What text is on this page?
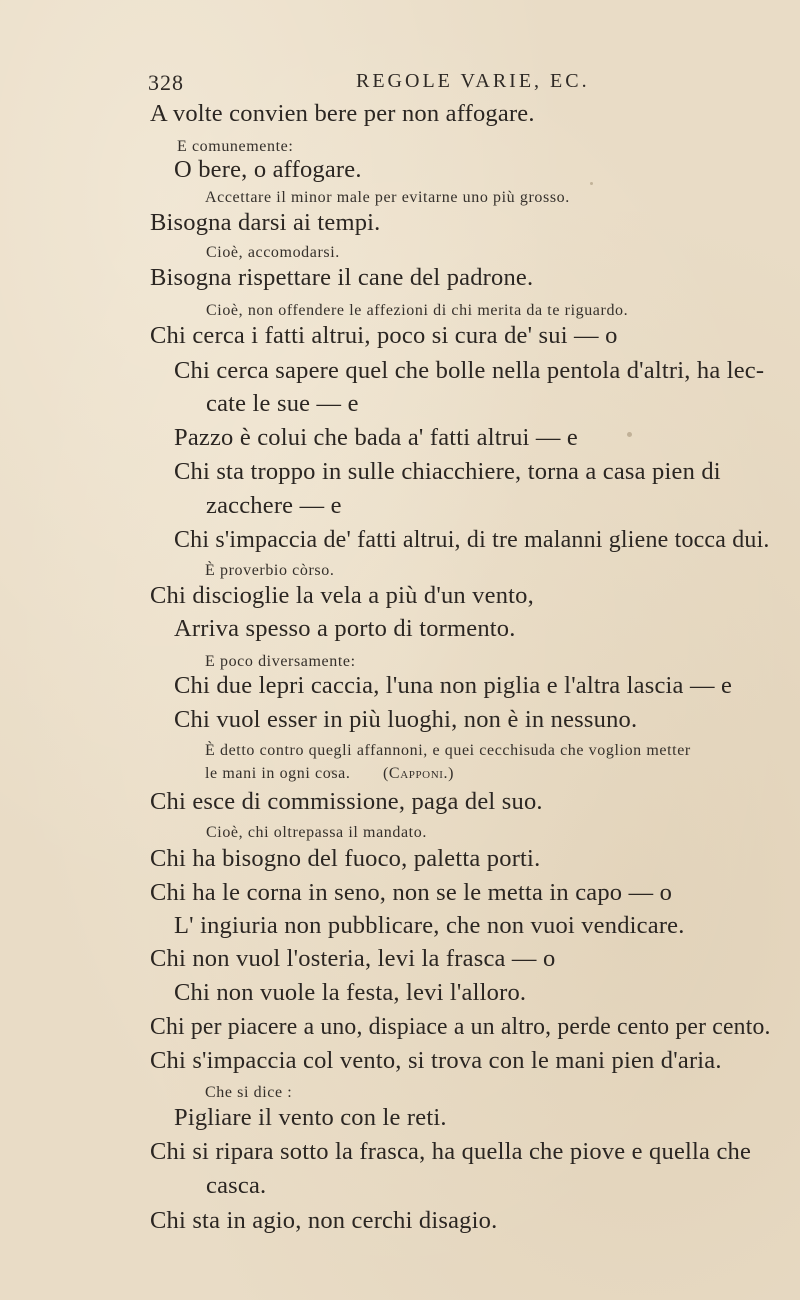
328	REGOLE VARIE, EC.
A volte convien bere per non affogare.
E comunemente:
O bere, o affogare.
Accettare il minor male per evitarne uno più grosso.
Bisogna darsi ai tempi.
Cioè, accomodarsi.
Bisogna rispettare il cane del padrone.
Cioè, non offendere le affezioni di chi merita da te riguardo.
Chi cerca i fatti altrui, poco si cura de' sui — o
Chi cerca sapere quel che bolle nella pentola d'altri, ha lec-
cate le sue — e
Pazzo è colui che bada a' fatti altrui — e
Chi sta troppo in sulle chiacchiere, torna a casa pien di
zacchere — e
Chi s'impaccia de' fatti altrui, di tre malanni gliene tocca dui.
È proverbio còrso.
Chi discioglie la vela a più d'un vento,
Arriva spesso a porto di tormento.
E poco diversamente:
Chi due lepri caccia, l'una non piglia e l'altra lascia — e
Chi vuol esser in più luoghi, non è in nessuno.
È detto contro quegli affannoni, e quei cecchisuda che voglion metter
le mani in ogni cosa. (Capponi.)
Chi esce di commissione, paga del suo.
Cioè, chi oltrepassa il mandato.
Chi ha bisogno del fuoco, paletta porti.
Chi ha le corna in seno, non se le metta in capo — o
L' ingiuria non pubblicare, che non vuoi vendicare.
Chi non vuol l'osteria, levi la frasca — o
Chi non vuole la festa, levi l'alloro.
Chi per piacere a uno, dispiace a un altro, perde cento per cento.
Chi s'impaccia col vento, si trova con le mani pien d'aria.
Che si dice :
Pigliare il vento con le reti.
Chi si ripara sotto la frasca, ha quella che piove e quella che
casca.
Chi sta in agio, non cerchi disagio.
